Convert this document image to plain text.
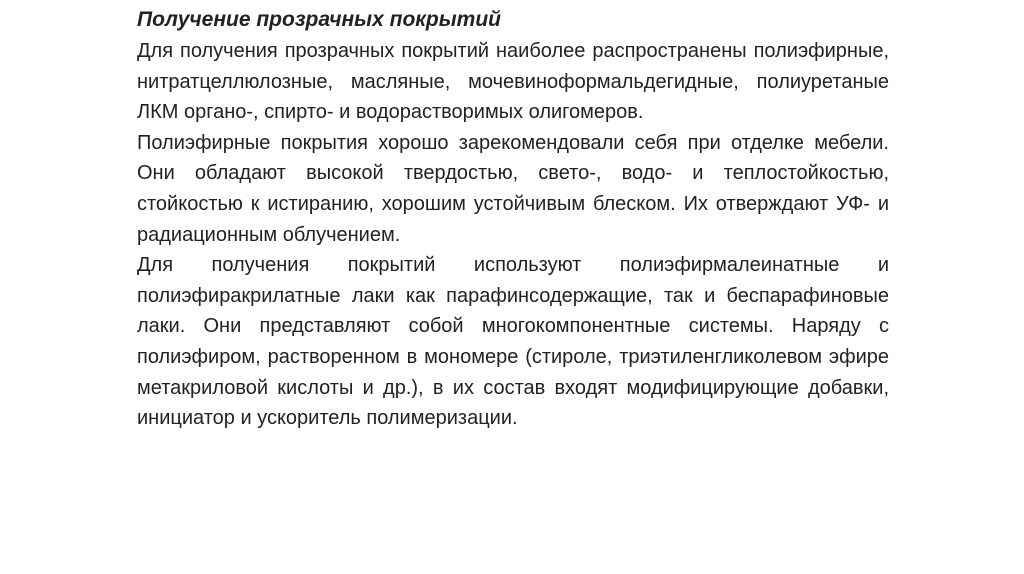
Получение прозрачных покрытий

Для получения прозрачных покрытий наиболее распространены полиэфирные, нитратцеллюлозные, масляные, мочевиноформальдегидные, полиуретаные ЛКМ органо-, спирто- и водорастворимых олигомеров.

Полиэфирные покрытия хорошо зарекомендовали себя при отделке мебели. Они обладают высокой твердостью, свето-, водо- и теплостойкостью, стойкостью к истиранию, хорошим устойчивым блеском. Их отверждают УФ- и радиационным облучением.

Для получения покрытий используют полиэфирмалеинатные и полиэфиракрилатные лаки как парафинсодержащие, так и беспарафиновые лаки. Они представляют собой многокомпонентные системы. Наряду с полиэфиром, растворенном в мономере (стироле, триэтиленгликолевом эфире метакриловой кислоты и др.), в их состав входят модифицирующие добавки, инициатор и ускоритель полимеризации.
